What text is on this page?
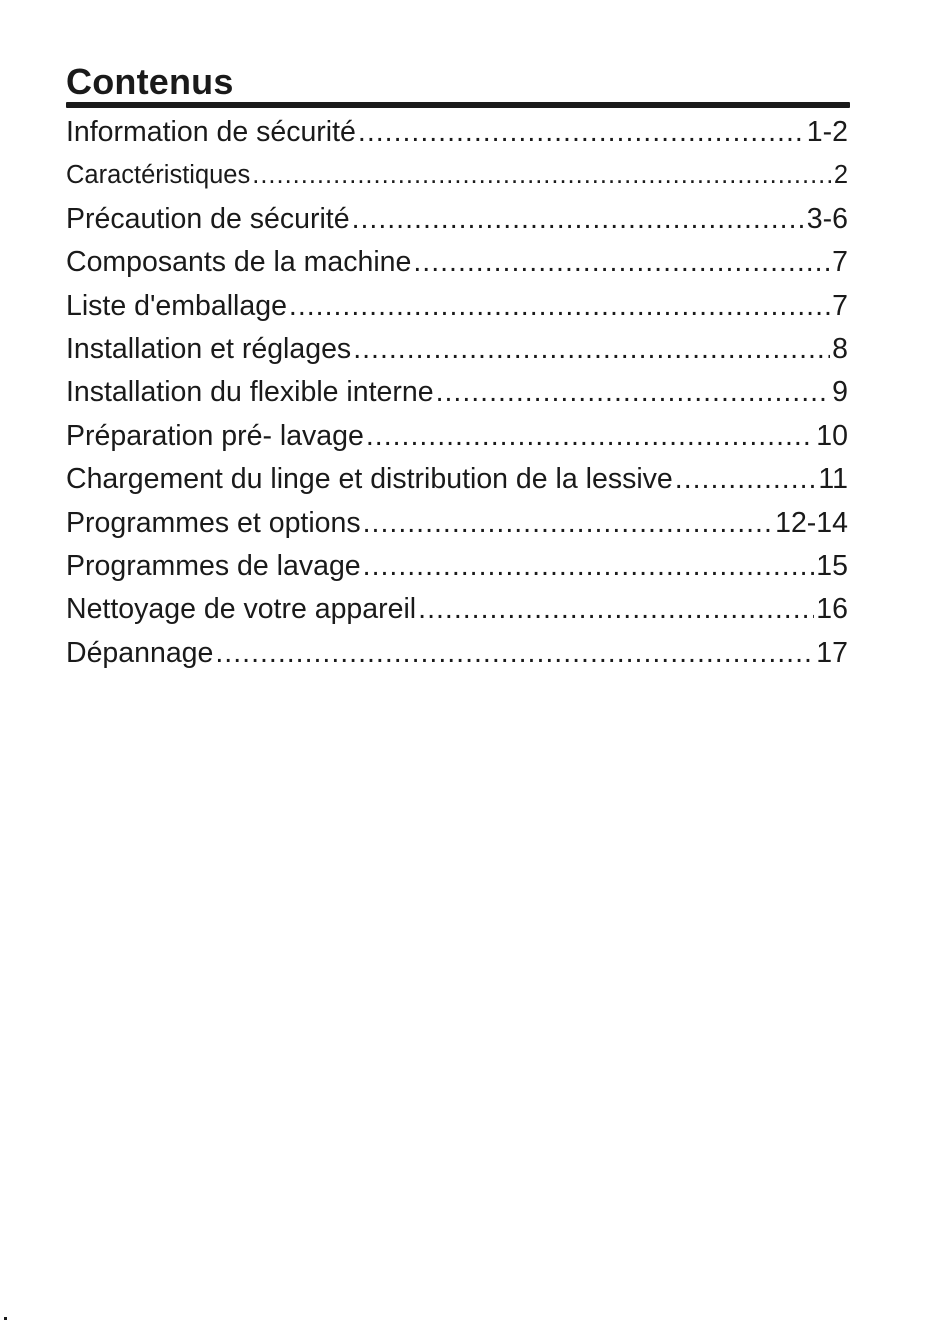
Contenus
Information de sécurité .....	1-2
Caractéristiques .....	2
Précaution de sécurité .....	3-6
Composants de la machine .....	7
Liste d'emballage .....	7
Installation et réglages .....	8
Installation du flexible interne .....	9
Préparation pré- lavage .....	10
Chargement du linge et distribution de la lessive .....	11
Programmes et options .....	12-14
Programmes de lavage .....	15
Nettoyage de votre appareil .....	16
Dépannage .....	17
